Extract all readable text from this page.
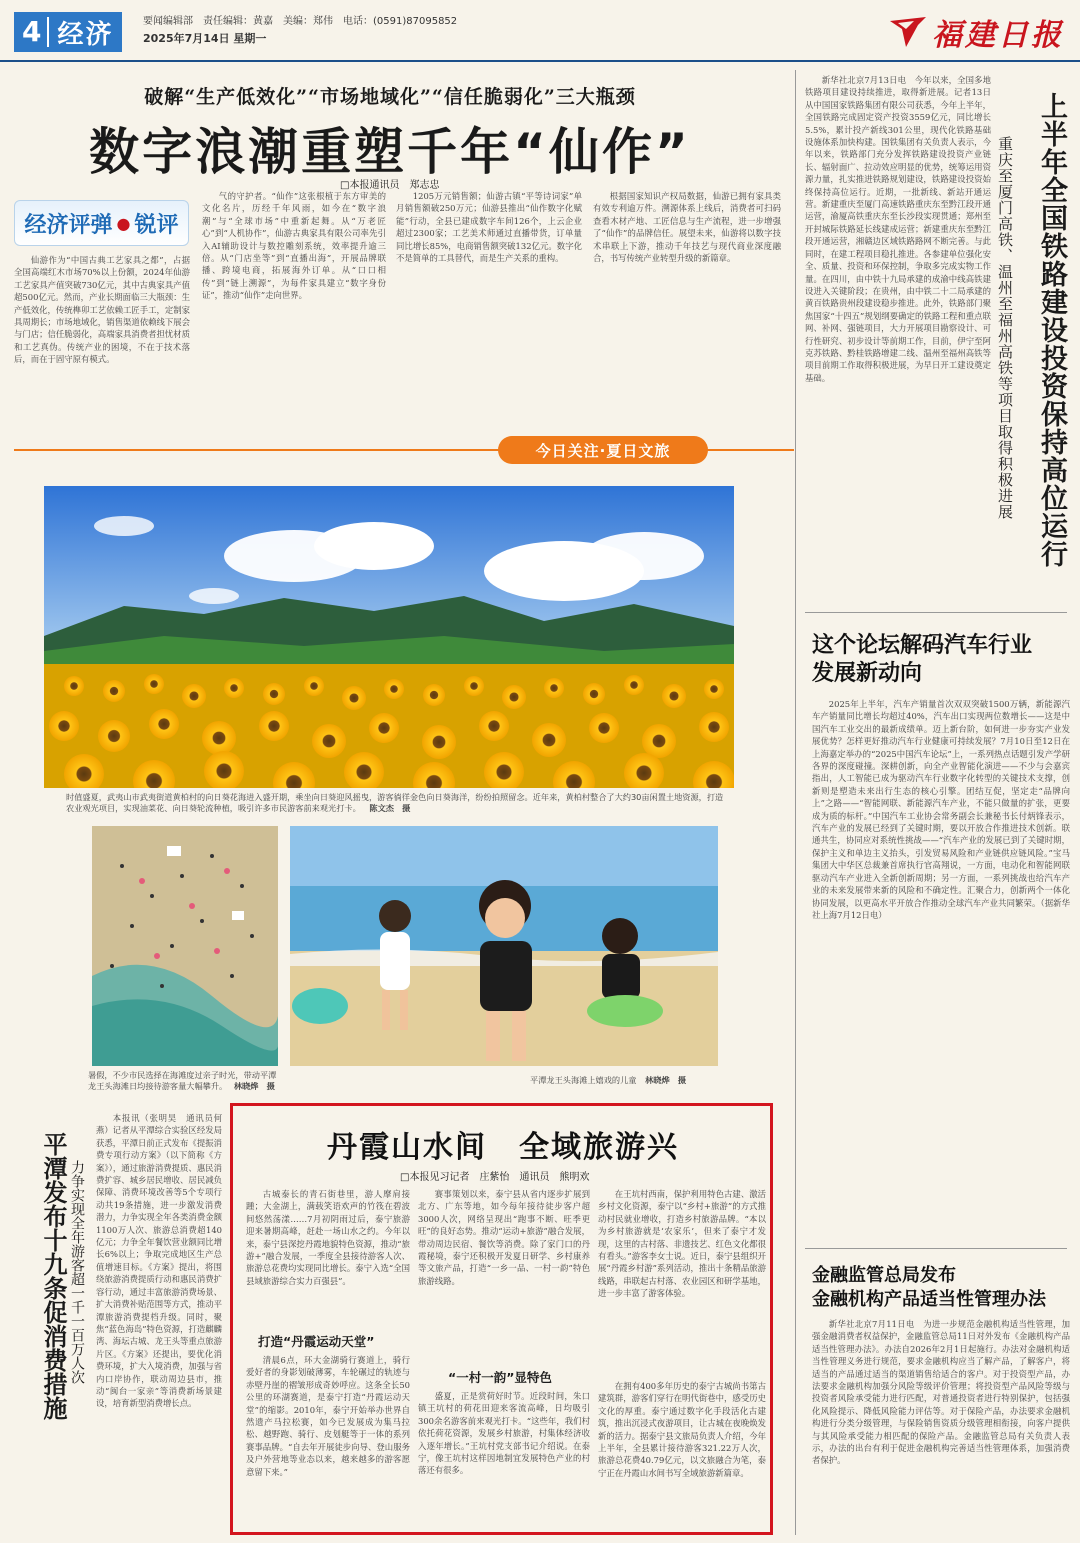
4 经济	要闻编辑部　责任编辑：黄嘉　美编：郑伟　电话：(0591)87095852
2025年7月14日 星期一	福建日报
破解“生产低效化”“市场地域化”“信任脆弱化”三大瓶颈
数字浪潮重塑千年“仙作”
□本报通讯员　郑志忠
经济评弹 ● 锐评

仙游作为“中国古典工艺家具之都”，占据全国高端红木市场70%以上份额，2024年仙游工艺家具产值突破730亿元，其中古典家具产值超500亿元。然而，产业长期面临三大瓶颈：生产低效化，传统榫卯工艺依赖工匠手工，定制家具周期长；市场地域化，销售渠道依赖线下展会与门店；信任脆弱化，高端家具消费者担忧材质和工艺真伪。传统产业的困境，不在于技术落后，而在于固守原有模式。

气的守护者。“仙作”这张根植于东方审美的文化名片，历经千年风雨，如今在“数字浪潮”与“全球市场”中重新起舞。从“万老匠心”到“人机协作”，仙游古典家具有限公司率先引入AI辅助设计与数控雕刻系统，效率提升逾三倍。从“门店坐等”到“直播出海”，开展品牌联播、跨境电商，拓展海外订单。从“口口相传”到“链上溯源”，为每件家具建立“数字身份证”，推动“仙作”走向世界。

1205万元销售额；仙游古镇“平等诗词家”单月销售额破250万元；仙游县推出“仙作数字化赋能”行动，全县已建成数字车间126个，上云企业超过2300家；工艺美术师通过直播带货，订单量同比增长85%，电商销售额突破132亿元。数字化不是简单的工具替代，而是生产关系的重构。

根据国家知识产权局数据，仙游已拥有家具类有效专利逾万件。溯源体系上线后，消费者可扫码查看木材产地、工匠信息与生产流程，进一步增强了“仙作”的品牌信任。展望未来，仙游将以数字技术串联上下游，推动千年技艺与现代商业深度融合，书写传统产业转型升级的新篇章。

今日关注·夏日文旅
时值盛夏，武夷山市武夷街道黄柏村的向日葵花海进入盛开期，乘坐向日葵迎风摇曳，游客徜徉金色向日葵海洋，纷纷拍照留念。近年来，黄柏村整合了大约30亩闲置土地资源，打造农业观光项目，实现油菜花、向日葵轮流种植，吸引许多市民游客前来观光打卡。 陈文杰　摄
暑假，不少市民选择在海滩度过亲子时光，带动平潭龙王头海滩日均接待游客量大幅攀升。 林晓烨　摄
平潭龙王头海滩上嬉戏的儿童 林晓烨　摄

新华社北京7月13日电　今年以来，全国多地铁路项目建设持续推进，取得新进展。记者13日从中国国家铁路集团有限公司获悉，今年上半年，全国铁路完成固定资产投资3559亿元，同比增长5.5%，累计投产新线301公里，现代化铁路基础设施体系加快构建。国铁集团有关负责人表示，今年以来，铁路部门充分发挥铁路建设投资产业链长、辐射面广、拉动效应明显的优势，统筹运用资源力量，扎实推进铁路规划建设，铁路建设投资始终保持高位运行。近期，一批新线、新站开通运营。新建重庆至厦门高速铁路重庆东至黔江段开通运营，渝厦高铁重庆东至长沙段实现贯通；郑州至开封城际铁路延长线建成运营；新建重庆东至黔江段开通运营，湘赣边区域铁路路网不断完善。与此同时，在建工程项目稳扎推进。各参建单位强化安全、质量、投资和环保控制，争取多完成实物工作量。在四川，由中铁十九局承建的成渝中线高铁建设进入关键阶段；在贵州，由中铁二十二局承建的黄百铁路贵州段建设稳步推进。此外，铁路部门聚焦国家“十四五”规划纲要确定的铁路工程和重点联网、补网、强链项目，大力开展项目勘察设计、可行性研究、初步设计等前期工作，目前，伊宁至阿克苏铁路、黔桂铁路增建二线、温州至福州高铁等项目前期工作取得积极进展，为早日开工建设奠定基础。	重庆至厦门高铁、温州至福州高铁等项目取得积极进展 上半年全国铁路建设投资保持高位运行
这个论坛解码汽车行业
发展新动向

2025年上半年，汽车产销量首次双双突破1500万辆，新能源汽车产销量同比增长均超过40%，汽车出口实现两位数增长——这是中国汽车工业交出的最新成绩单。迈上新台阶，如何进一步夯实产业发展优势？怎样更好推动汽车行业健康可持续发展？7月10日至12日在上海嘉定举办的“2025中国汽车论坛”上，一系列热点话题引发产学研各界的深度碰撞。深耕创新，向全产业智能化演进——不少与会嘉宾指出，人工智能已成为驱动汽车行业数字化转型的关键技术支撑，创新则是塑造未来出行生态的核心引擎。团结互促，坚定走“品牌向上”之路——“智能网联、新能源汽车产业，不能只做量的扩张，更要成为质的标杆。”中国汽车工业协会常务副会长兼秘书长付炳锋表示，汽车产业的发展已经到了关键时期，要以开放合作推进技术创新。联通共生，协同应对系统性挑战——“汽车产业的发展已到了关键时期，保护主义和单边主义抬头，引发贸易风险和产业链供应链风险。”宝马集团大中华区总裁兼首席执行官高翔说，一方面，电动化和智能网联驱动汽车产业进入全新创新周期；另一方面，一系列挑战也给汽车产业的未来发展带来新的风险和不确定性。汇聚合力，创新两个一体化协同发展，以更高水平开放合作推动全球汽车产业共同繁荣。（据新华社上海7月12日电）

金融监管总局发布
金融机构产品适当性管理办法

新华社北京7月11日电　为进一步规范金融机构适当性管理，加强金融消费者权益保护，金融监管总局11日对外发布《金融机构产品适当性管理办法》。办法自2026年2月1日起施行。办法对金融机构适当性管理义务进行规范，要求金融机构应当了解产品，了解客户，将适当的产品通过适当的渠道销售给适合的客户。对于投资型产品，办法要求金融机构加强分风险等级评价管理；将投资型产品风险等级与投资者风险承受能力进行匹配，对普通投资者进行特别保护，包括强化风险提示、降低风险能力评估等。对于保险产品，办法要求金融机构进行分类分级管理，与保险销售资质分级管理相衔接，向客户提供与其风险承受能力相匹配的保险产品。金融监管总局有关负责人表示，办法的出台有利于促进金融机构完善适当性管理体系，加强消费者保护。

平潭发布十九条促消费措施 力争实现全年游客超一千一百万人次

本报讯（张明昊　通讯员何燕）记者从平潭综合实验区经发局获悉，平潭日前正式发布《提振消费专项行动方案》（以下简称《方案》），通过旅游消费提质、惠民消费扩容、城乡居民增收、居民减负保障、消费环境改善等5个专项行动共19条措施，进一步激发消费潜力，力争实现全年各类消费金额1100万人次、旅游总消费超140亿元；力争全年餐饮营业额同比增长6%以上；争取完成地区生产总值增速目标。《方案》提出，将围绕旅游消费提质行动和惠民消费扩容行动，通过丰富旅游消费场景、扩大消费补贴范围等方式，推动平潭旅游消费提档升级。同时，聚焦“蓝色海岛”特色资源，打造麒麟湾、海坛古城、龙王头等重点旅游片区。《方案》还提出，要优化消费环境，扩大入境消费，加强与省内口岸协作，联动周边县市，推动“闽台一家亲”等消费新场景建设，培育新型消费增长点。

丹霞山水间　全域旅游兴
□本报见习记者　庄紫怡　通讯员　熊明欢

古城泰长的青石街巷里，游人摩肩接踵；大金湖上，满载笑语欢声的竹筏在碧波间悠然荡漾……7月初阴雨过后，泰宁旅游迎来暑期高峰，赶赴一场山水之约。今年以来，泰宁县深挖丹霞地貌特色资源，推动“旅游+”融合发展，一季度全县接待游客人次、旅游总花费均实现同比增长。泰宁入选“全国县域旅游综合实力百强县”。

打造“丹霞运动天堂”

清晨6点，环大金湖骑行赛道上，骑行爱好者的身影划破薄雾，车轮碾过的轨迹与赤壁丹崖的褶皱形成奇妙呼应。这条全长50公里的环湖赛道，是泰宁打造“丹霞运动天堂”的缩影。2010年，泰宁开始举办世界自然遗产马拉松赛，如今已发展成为集马拉松、越野跑、骑行、皮划艇等于一体的系列赛事品牌。“自去年开展徒步向导、登山服务及户外营地等业态以来，越来越多的游客愿意留下来。”

赛事策划以来，泰宁县从省内逐步扩展到北方、广东等地，如今每年接待徒步客户超3000人次，网络呈现出“跑事不断、旺季更旺”的良好态势。推动“运动+旅游”融合发展，带动周边民宿、餐饮等消费。除了家门口的丹霞秘境，泰宁还积极开发夏日研学、乡村康养等文旅产品，打造“一乡一品、一村一韵”特色旅游线路。

“一村一韵”显特色

盛夏，正是赏荷好时节。近段时间，朱口镇王坑村的荷花田迎来客流高峰，日均吸引300余名游客前来观光打卡。“这些年，我们村依托荷花资源，发展乡村旅游，村集体经济收入逐年增长。”王坑村党支部书记介绍说。在泰宁，像王坑村这样因地制宜发展特色产业的村落还有很多。

在王坑村西南，保护利用特色古建、激活乡村文化资源，泰宁以“乡村+旅游”的方式推动村民就业增收，打造乡村旅游品牌。“本以为乡村旅游就是‘农家乐’，但来了泰宁才发现，这里的古村落、非遗技艺、红色文化都很有看头。”游客李女士说。近日，泰宁县组织开展“丹霞乡村游”系列活动，推出十条精品旅游线路，串联起古村落、农业园区和研学基地，进一步丰富了游客体验。

在拥有400多年历史的泰宁古城尚书第古建筑群，游客们穿行在明代街巷中，感受历史文化的厚重。泰宁通过数字化手段活化古建筑，推出沉浸式夜游项目，让古城在夜晚焕发新的活力。据泰宁县文旅局负责人介绍，今年上半年，全县累计接待游客321.22万人次，旅游总花费40.79亿元，以文旅融合为笔，泰宁正在丹霞山水间书写全域旅游新篇章。
